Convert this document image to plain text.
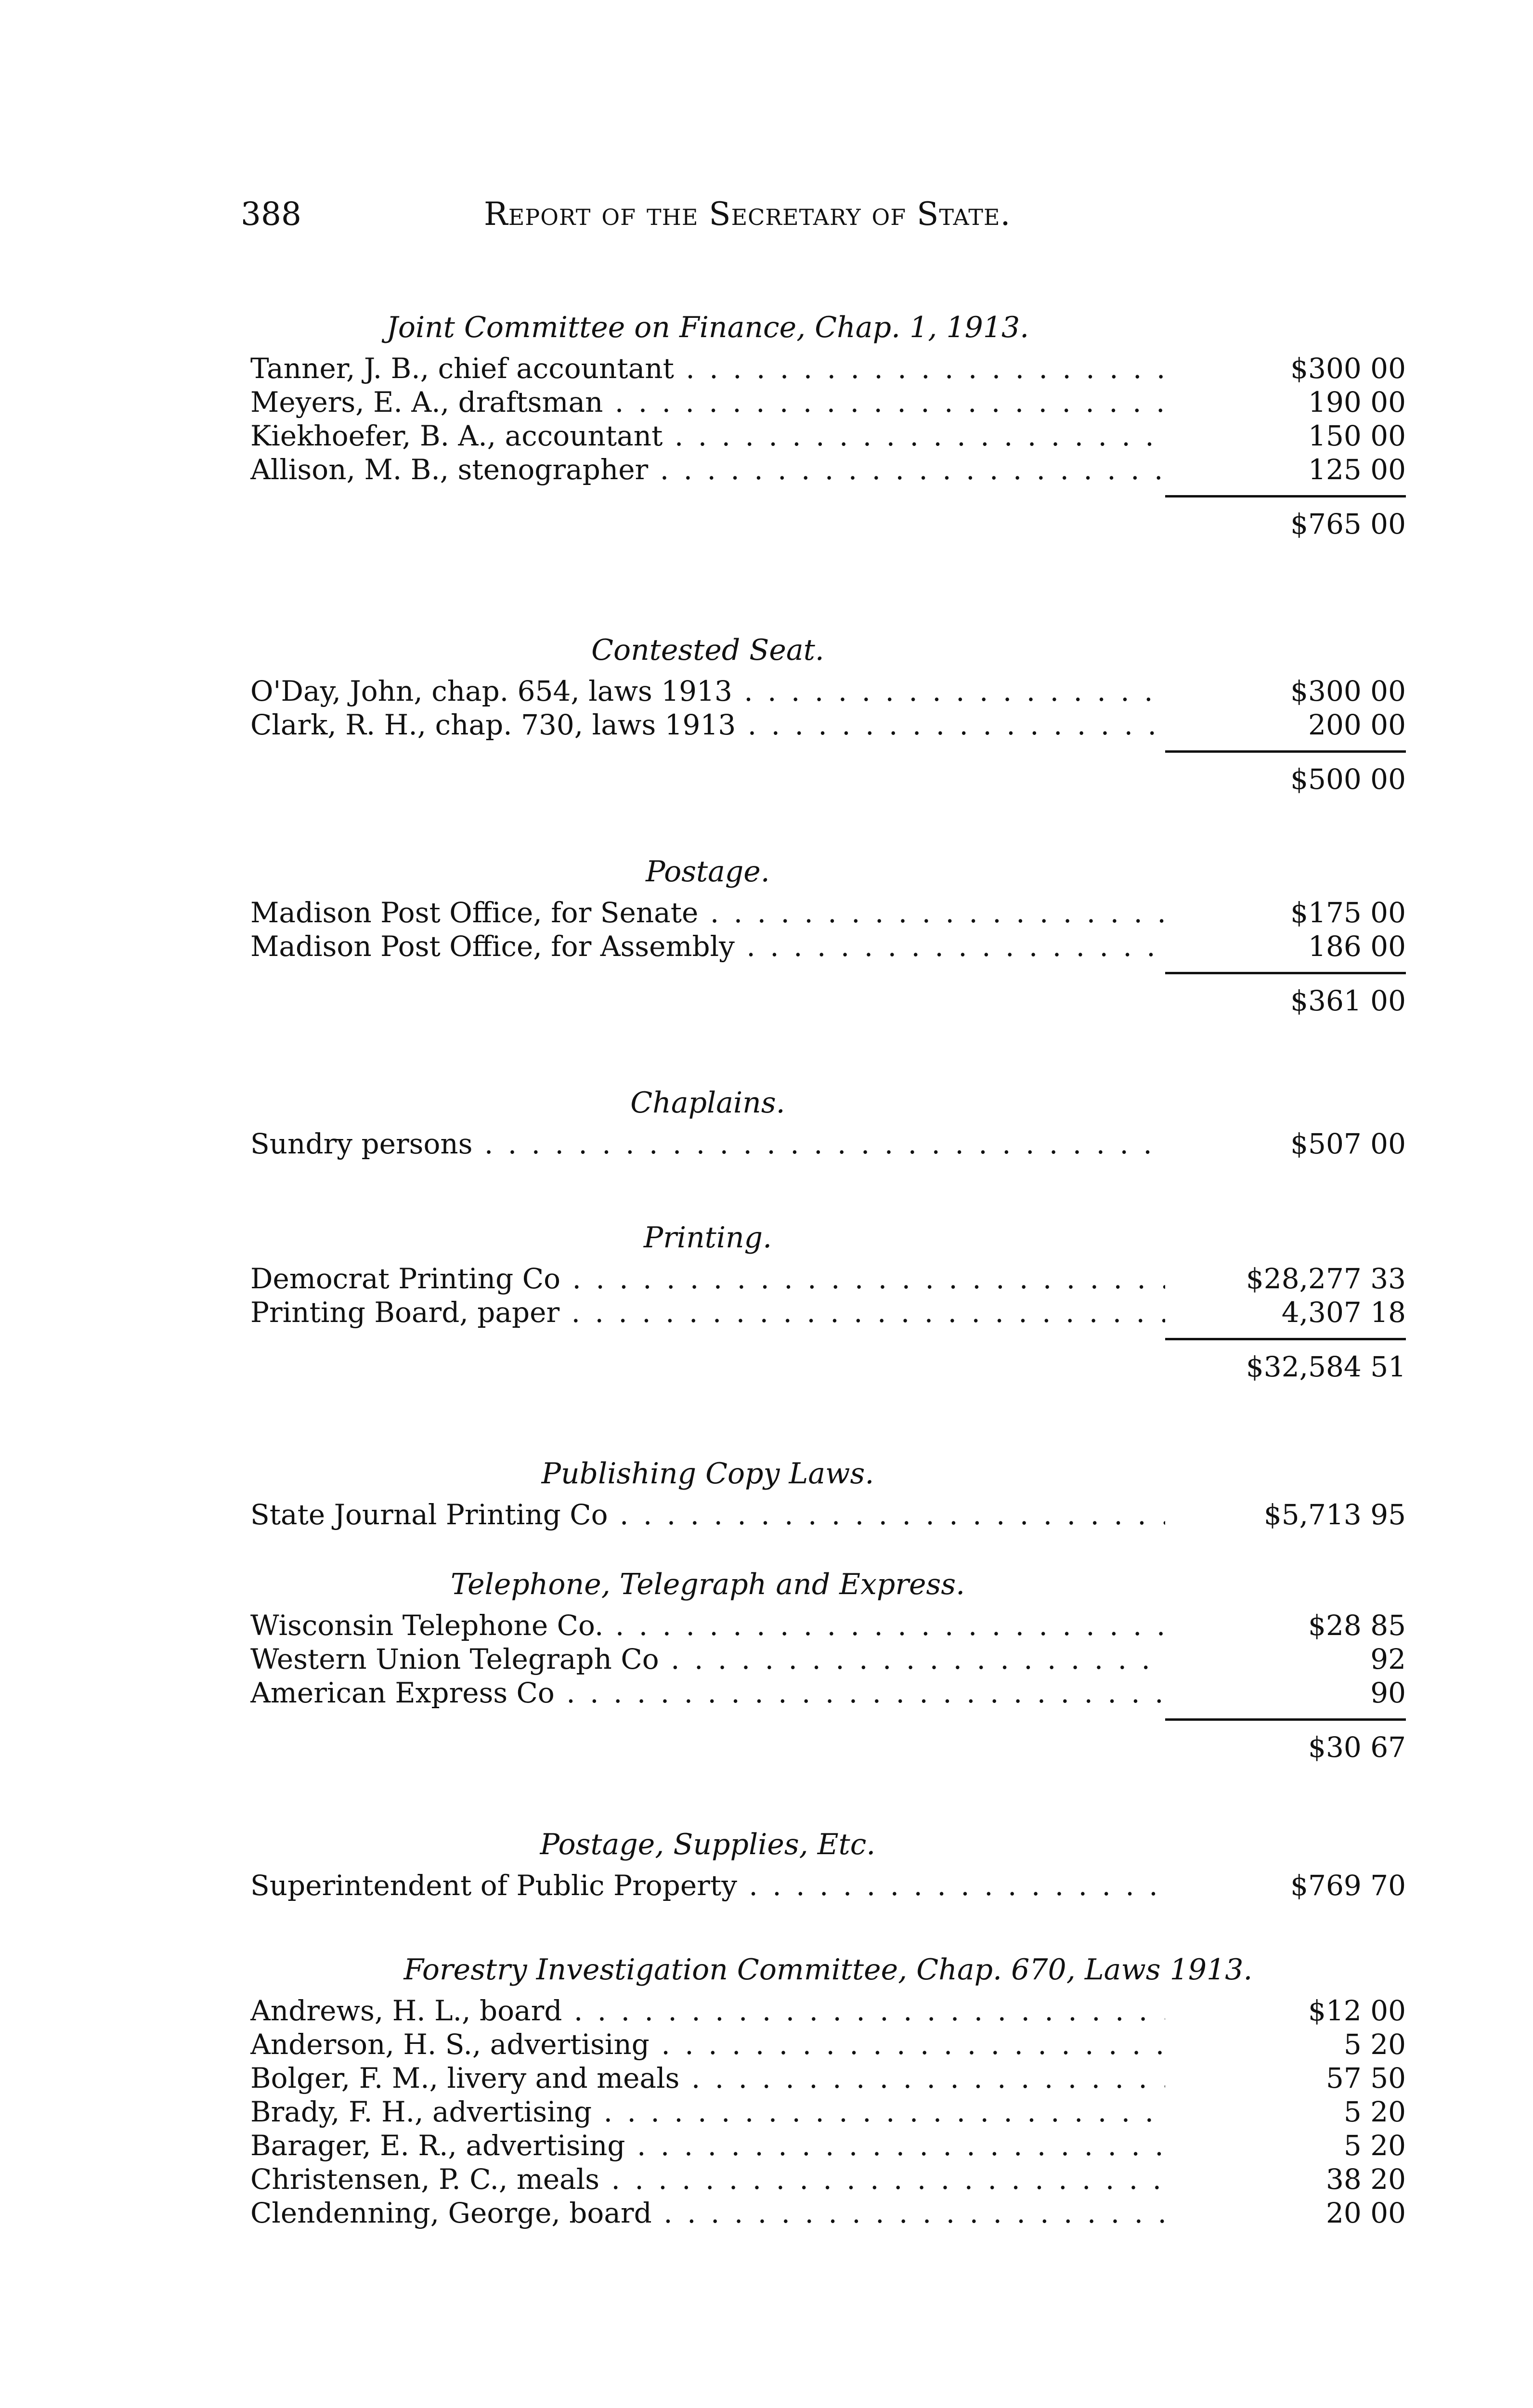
388	Report of the Secretary of State.
Joint Committee on Finance, Chap. 1, 1913.
Tanner, J. B., chief accountant . . .	$300 00
Meyers, E. A., draftsman . . .	190 00
Kiekhoefer, B. A., accountant . . .	150 00
Allison, M. B., stenographer . . .	125 00
$765 00
Contested Seat.
O'Day, John, chap. 654, laws 1913 . . .	$300 00
Clark, R. H., chap. 730, laws 1913 . . .	200 00
$500 00
Postage.
Madison Post Office, for Senate . . .	$175 00
Madison Post Office, for Assembly . . .	186 00
$361 00
Chaplains.
Sundry persons . . .	$507 00
Printing.
Democrat Printing Co . . .	$28,277 33
Printing Board, paper . . .	4,307 18
$32,584 51
Publishing Copy Laws.
State Journal Printing Co . . .	$5,713 95
Telephone, Telegraph and Express.
Wisconsin Telephone Co. . . .	$28 85
Western Union Telegraph Co . . .	92
American Express Co . . .	90
$30 67
Postage, Supplies, Etc.
Superintendent of Public Property . . .	$769 70
Forestry Investigation Committee, Chap. 670, Laws 1913.
Andrews, H. L., board . . .	$12 00
Anderson, H. S., advertising . . .	5 20
Bolger, F. M., livery and meals . . .	57 50
Brady, F. H., advertising . . .	5 20
Barager, E. R., advertising . . .	5 20
Christensen, P. C., meals . . .	38 20
Clendenning, George, board . . .	20 00
